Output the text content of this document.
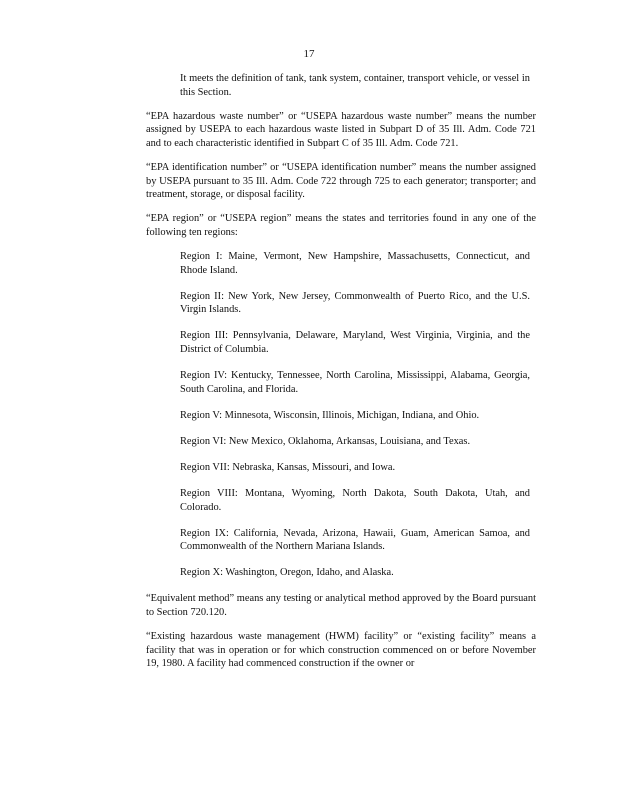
17

It meets the definition of tank, tank system, container, transport vehicle, or vessel in this Section.

“EPA hazardous waste number” or “USEPA hazardous waste number” means the number assigned by USEPA to each hazardous waste listed in Subpart D of 35 Ill. Adm. Code 721 and to each characteristic identified in Subpart C of 35 Ill. Adm. Code 721.

“EPA identification number” or “USEPA identification number” means the number assigned by USEPA pursuant to 35 Ill. Adm. Code 722 through 725 to each generator; transporter; and treatment, storage, or disposal facility.

“EPA region” or “USEPA region” means the states and territories found in any one of the following ten regions:

Region I: Maine, Vermont, New Hampshire, Massachusetts, Connecticut, and Rhode Island.

Region II: New York, New Jersey, Commonwealth of Puerto Rico, and the U.S. Virgin Islands.

Region III: Pennsylvania, Delaware, Maryland, West Virginia, Virginia, and the District of Columbia.

Region IV: Kentucky, Tennessee, North Carolina, Mississippi, Alabama, Georgia, South Carolina, and Florida.

Region V: Minnesota, Wisconsin, Illinois, Michigan, Indiana, and Ohio.

Region VI: New Mexico, Oklahoma, Arkansas, Louisiana, and Texas.

Region VII: Nebraska, Kansas, Missouri, and Iowa.

Region VIII: Montana, Wyoming, North Dakota, South Dakota, Utah, and Colorado.

Region IX: California, Nevada, Arizona, Hawaii, Guam, American Samoa, and Commonwealth of the Northern Mariana Islands.

Region X: Washington, Oregon, Idaho, and Alaska.

“Equivalent method” means any testing or analytical method approved by the Board pursuant to Section 720.120.

“Existing hazardous waste management (HWM) facility” or “existing facility” means a facility that was in operation or for which construction commenced on or before November 19, 1980. A facility had commenced construction if the owner or
